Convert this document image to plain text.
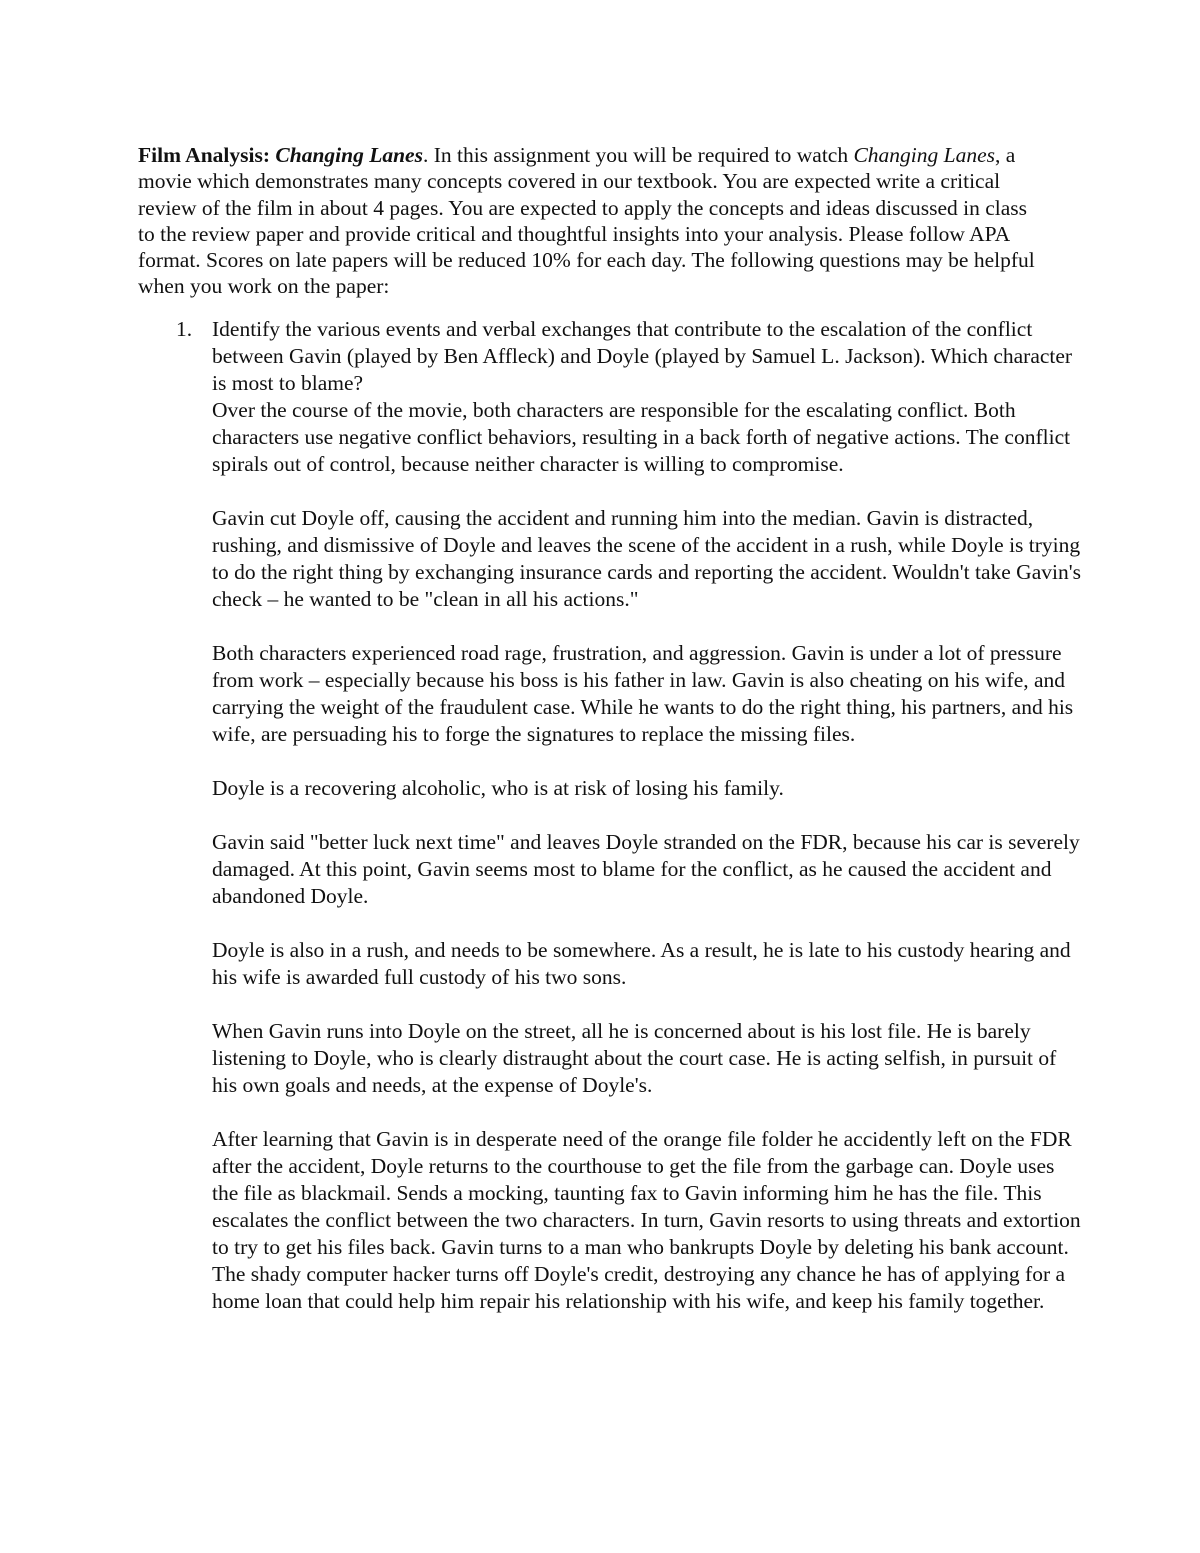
Film Analysis: Changing Lanes. In this assignment you will be required to watch Changing Lanes, a movie which demonstrates many concepts covered in our textbook. You are expected write a critical review of the film in about 4 pages. You are expected to apply the concepts and ideas discussed in class to the review paper and provide critical and thoughtful insights into your analysis. Please follow APA format. Scores on late papers will be reduced 10% for each day. The following questions may be helpful when you work on the paper:

1. Identify the various events and verbal exchanges that contribute to the escalation of the conflict between Gavin (played by Ben Affleck) and Doyle (played by Samuel L. Jackson). Which character is most to blame?

Over the course of the movie, both characters are responsible for the escalating conflict. Both characters use negative conflict behaviors, resulting in a back forth of negative actions. The conflict spirals out of control, because neither character is willing to compromise.

Gavin cut Doyle off, causing the accident and running him into the median. Gavin is distracted, rushing, and dismissive of Doyle and leaves the scene of the accident in a rush, while Doyle is trying to do the right thing by exchanging insurance cards and reporting the accident. Wouldn't take Gavin's check – he wanted to be "clean in all his actions."

Both characters experienced road rage, frustration, and aggression. Gavin is under a lot of pressure from work – especially because his boss is his father in law. Gavin is also cheating on his wife, and carrying the weight of the fraudulent case. While he wants to do the right thing, his partners, and his wife, are persuading his to forge the signatures to replace the missing files.

Doyle is a recovering alcoholic, who is at risk of losing his family.

Gavin said "better luck next time" and leaves Doyle stranded on the FDR, because his car is severely damaged. At this point, Gavin seems most to blame for the conflict, as he caused the accident and abandoned Doyle.

Doyle is also in a rush, and needs to be somewhere. As a result, he is late to his custody hearing and his wife is awarded full custody of his two sons.

When Gavin runs into Doyle on the street, all he is concerned about is his lost file. He is barely listening to Doyle, who is clearly distraught about the court case. He is acting selfish, in pursuit of his own goals and needs, at the expense of Doyle's.

After learning that Gavin is in desperate need of the orange file folder he accidently left on the FDR after the accident, Doyle returns to the courthouse to get the file from the garbage can. Doyle uses the file as blackmail. Sends a mocking, taunting fax to Gavin informing him he has the file. This escalates the conflict between the two characters. In turn, Gavin resorts to using threats and extortion to try to get his files back. Gavin turns to a man who bankrupts Doyle by deleting his bank account. The shady computer hacker turns off Doyle's credit, destroying any chance he has of applying for a home loan that could help him repair his relationship with his wife, and keep his family together.
